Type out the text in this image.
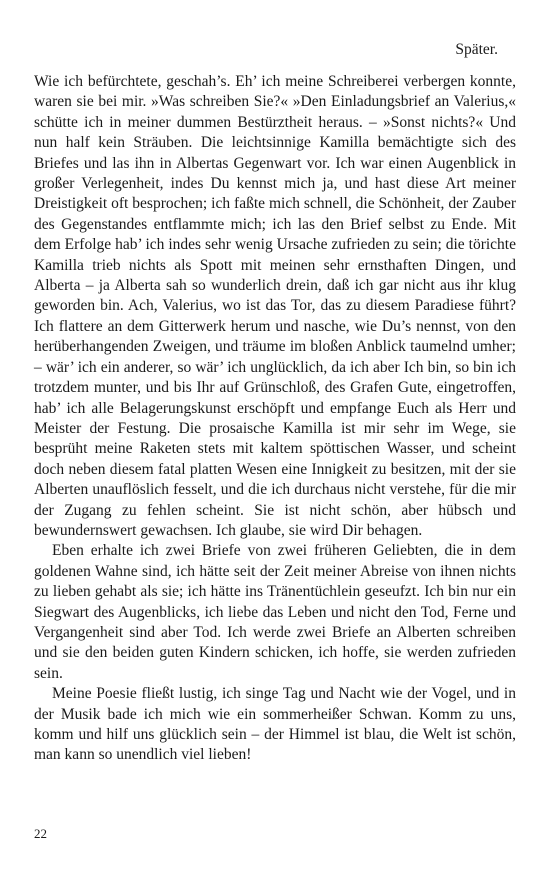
Später.

Wie ich befürchtete, geschah’s. Eh’ ich meine Schreiberei verbergen konnte, waren sie bei mir. »Was schreiben Sie?« »Den Einladungsbrief an Valerius,« schütte ich in meiner dummen Bestürztheit heraus. – »Sonst nichts?« Und nun half kein Sträuben. Die leichtsinnige Kamilla bemächtigte sich des Briefes und las ihn in Albertas Gegenwart vor. Ich war einen Augenblick in großer Verlegenheit, indes Du kennst mich ja, und hast diese Art meiner Dreistigkeit oft besprochen; ich faßte mich schnell, die Schönheit, der Zauber des Gegenstandes entflammte mich; ich las den Brief selbst zu Ende. Mit dem Erfolge hab’ ich indes sehr wenig Ursache zufrieden zu sein; die törichte Kamilla trieb nichts als Spott mit meinen sehr ernsthaften Dingen, und Alberta – ja Alberta sah so wunderlich drein, daß ich gar nicht aus ihr klug geworden bin. Ach, Valerius, wo ist das Tor, das zu diesem Paradiese führt? Ich flattere an dem Gitterwerk herum und nasche, wie Du’s nennst, von den herüberhangenden Zweigen, und träume im bloßen Anblick taumelnd umher; – wär’ ich ein anderer, so wär’ ich unglücklich, da ich aber Ich bin, so bin ich trotzdem munter, und bis Ihr auf Grünschloß, des Grafen Gute, eingetroffen, hab’ ich alle Belagerungskunst erschöpft und empfange Euch als Herr und Meister der Festung. Die prosaische Kamilla ist mir sehr im Wege, sie besprüht meine Raketen stets mit kaltem spöttischen Wasser, und scheint doch neben diesem fatal platten Wesen eine Innigkeit zu besitzen, mit der sie Alberten unauflöslich fesselt, und die ich durchaus nicht verstehe, für die mir der Zugang zu fehlen scheint. Sie ist nicht schön, aber hübsch und bewundernswert gewachsen. Ich glaube, sie wird Dir behagen.

Eben erhalte ich zwei Briefe von zwei früheren Geliebten, die in dem goldenen Wahne sind, ich hätte seit der Zeit meiner Abreise von ihnen nichts zu lieben gehabt als sie; ich hätte ins Tränentüchlein geseufzt. Ich bin nur ein Siegwart des Augenblicks, ich liebe das Leben und nicht den Tod, Ferne und Vergangenheit sind aber Tod. Ich werde zwei Briefe an Alberten schreiben und sie den beiden guten Kindern schicken, ich hoffe, sie werden zufrieden sein.

Meine Poesie fließt lustig, ich singe Tag und Nacht wie der Vogel, und in der Musik bade ich mich wie ein sommerheißer Schwan. Komm zu uns, komm und hilf uns glücklich sein – der Himmel ist blau, die Welt ist schön, man kann so unendlich viel lieben!

22
